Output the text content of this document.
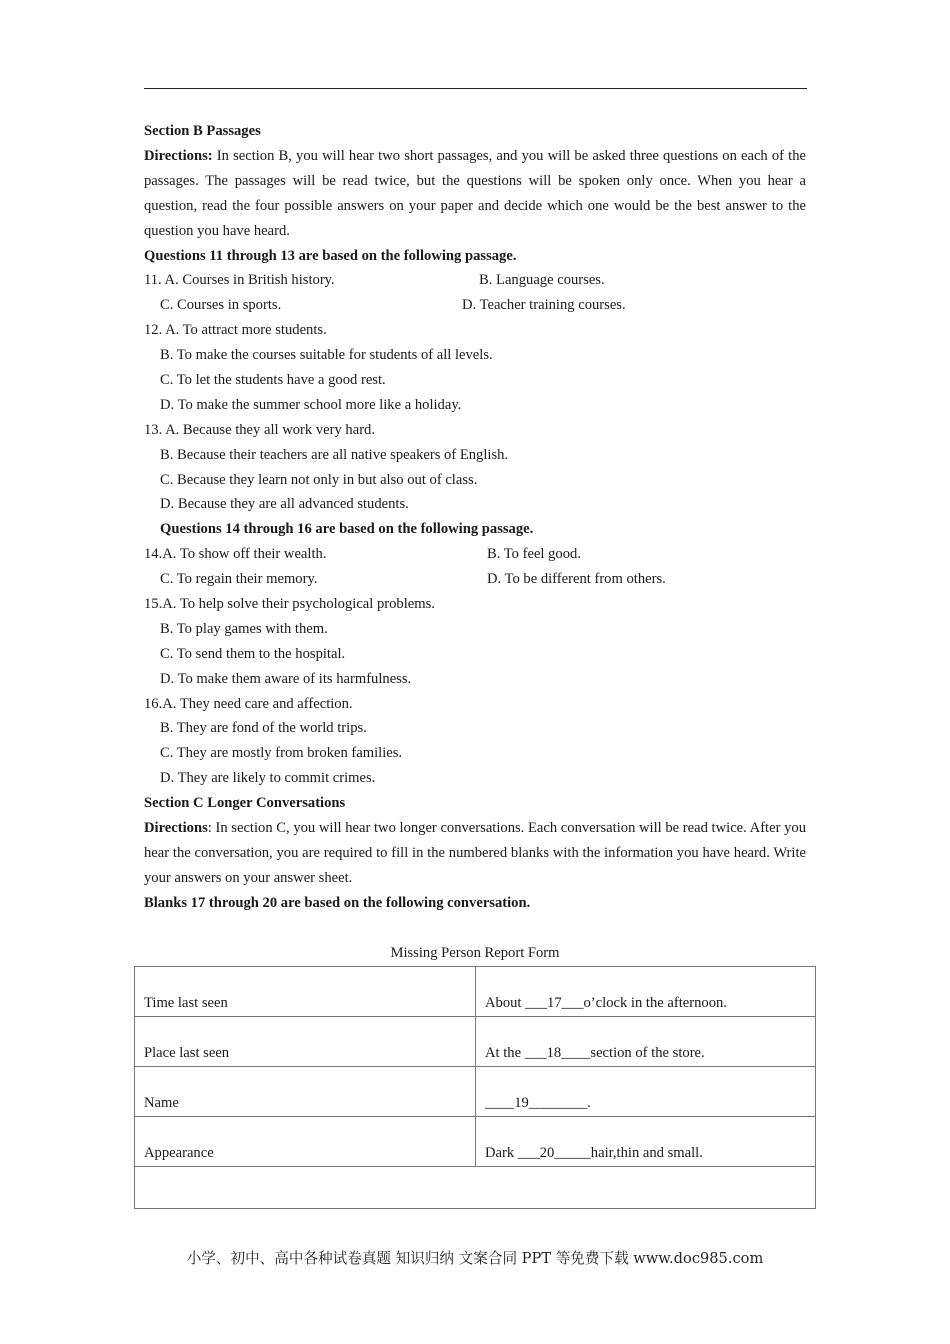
Section B Passages
Directions: In section B, you will hear two short passages, and you will be asked three questions on each of the passages. The passages will be read twice, but the questions will be spoken only once. When you hear a question, read the four possible answers on your paper and decide which one would be the best answer to the question you have heard.
Questions 11 through 13 are based on the following passage.
11. A. Courses in British history.	B. Language courses.
C. Courses in sports.	D. Teacher training courses.
12. A. To attract more students.
B. To make the courses suitable for students of all levels.
C. To let the students have a good rest.
D. To make the summer school more like a holiday.
13. A. Because they all work very hard.
B. Because their teachers are all native speakers of English.
C. Because they learn not only in but also out of class.
D. Because they are all advanced students.
Questions 14 through 16 are based on the following passage.
14.A. To show off their wealth.	B. To feel good.
C. To regain their memory.	D. To be different from others.
15.A. To help solve their psychological problems.
B. To play games with them.
C. To send them to the hospital.
D. To make them aware of its harmfulness.
16.A. They need care and affection.
B. They are fond of the world trips.
C. They are mostly from broken families.
D. They are likely to commit crimes.
Section C Longer Conversations
Directions: In section C, you will hear two longer conversations. Each conversation will be read twice. After you hear the conversation, you are required to fill in the numbered blanks with the information you have heard. Write your answers on your answer sheet.
Blanks 17 through 20 are based on the following conversation.
Missing Person Report Form
Time last seen	About ___17___o’clock in the afternoon.
Place last seen	At the ___18____section of the store.
Name	____19________.
Appearance	Dark ___20_____hair,thin and small.

小学、初中、高中各种试卷真题 知识归纳 文案合同 PPT 等免费下载 www.doc985.com
